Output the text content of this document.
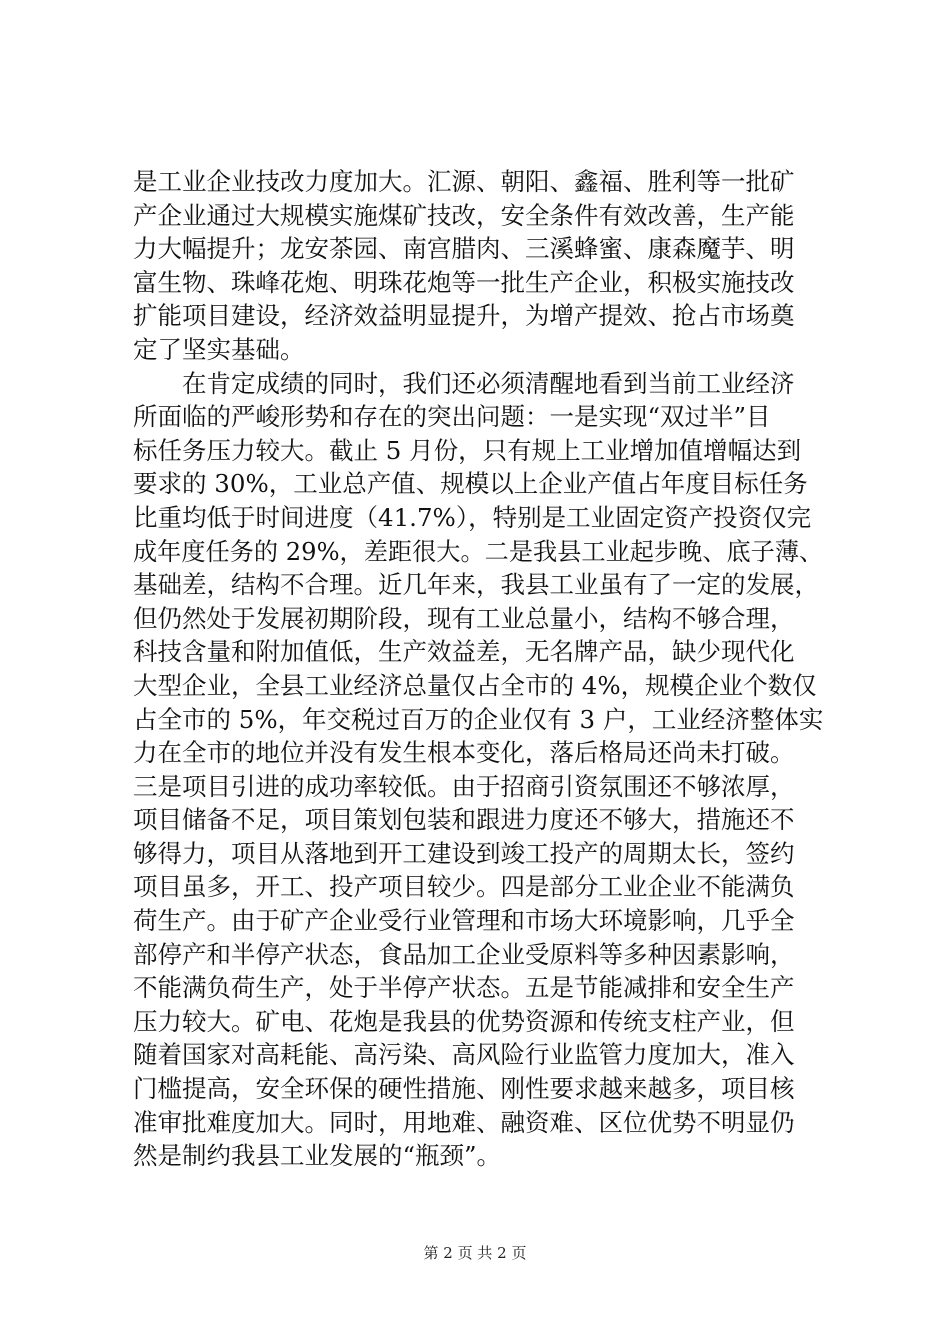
是工业企业技改力度加大。汇源、朝阳、鑫福、胜利等一批矿
产企业通过大规模实施煤矿技改，安全条件有效改善，生产能
力大幅提升；龙安茶园、南宫腊肉、三溪蜂蜜、康森魔芋、明
富生物、珠峰花炮、明珠花炮等一批生产企业，积极实施技改
扩能项目建设，经济效益明显提升，为增产提效、抢占市场奠
定了坚实基础。
　　在肯定成绩的同时，我们还必须清醒地看到当前工业经济
所面临的严峻形势和存在的突出问题：一是实现“双过半”目
标任务压力较大。截止 5 月份，只有规上工业增加值增幅达到
要求的 30%，工业总产值、规模以上企业产值占年度目标任务
比重均低于时间进度（41.7%），特别是工业固定资产投资仅完
成年度任务的 29%，差距很大。二是我县工业起步晚、底子薄、
基础差，结构不合理。近几年来，我县工业虽有了一定的发展，
但仍然处于发展初期阶段，现有工业总量小，结构不够合理，
科技含量和附加值低，生产效益差，无名牌产品，缺少现代化
大型企业，全县工业经济总量仅占全市的 4%，规模企业个数仅
占全市的 5%，年交税过百万的企业仅有 3 户，工业经济整体实
力在全市的地位并没有发生根本变化，落后格局还尚未打破。
三是项目引进的成功率较低。由于招商引资氛围还不够浓厚，
项目储备不足，项目策划包装和跟进力度还不够大，措施还不
够得力，项目从落地到开工建设到竣工投产的周期太长，签约
项目虽多，开工、投产项目较少。四是部分工业企业不能满负
荷生产。由于矿产企业受行业管理和市场大环境影响，几乎全
部停产和半停产状态，食品加工企业受原料等多种因素影响，
不能满负荷生产，处于半停产状态。五是节能减排和安全生产
压力较大。矿电、花炮是我县的优势资源和传统支柱产业，但
随着国家对高耗能、高污染、高风险行业监管力度加大，准入
门槛提高，安全环保的硬性措施、刚性要求越来越多，项目核
准审批难度加大。同时，用地难、融资难、区位优势不明显仍
然是制约我县工业发展的“瓶颈”。
第 2 页 共 2 页
